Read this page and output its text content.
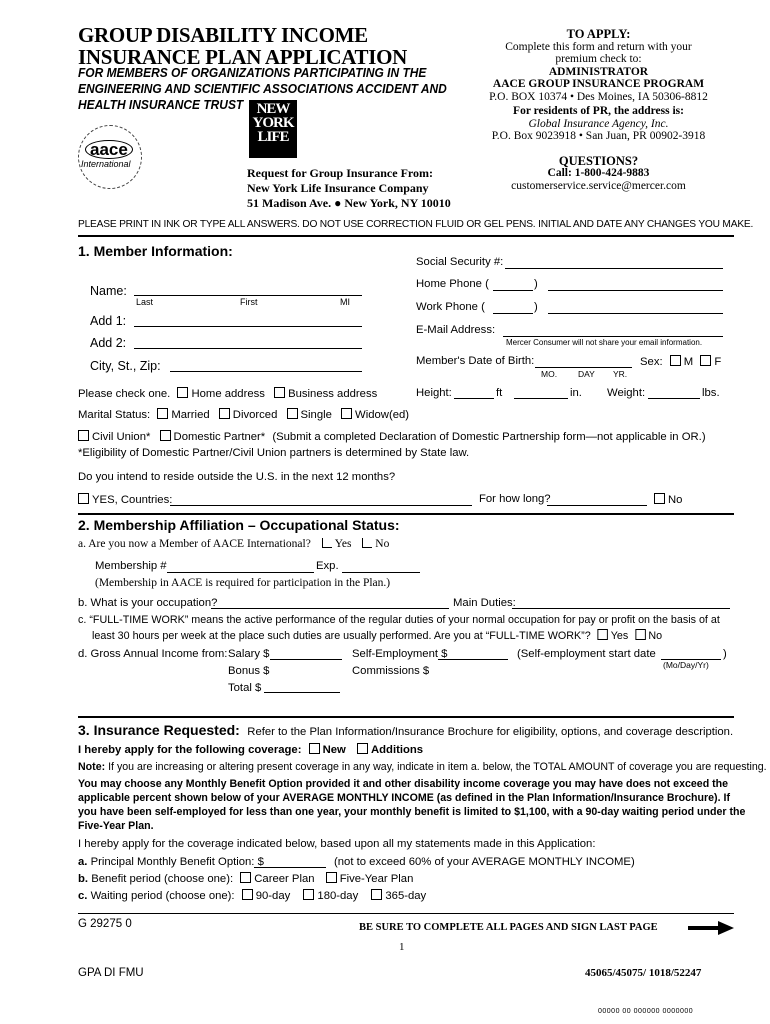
GROUP DISABILITY INCOME
INSURANCE PLAN APPLICATION
FOR MEMBERS OF ORGANIZATIONS PARTICIPATING IN THE
ENGINEERING AND SCIENTIFIC ASSOCIATIONS ACCIDENT AND
HEALTH INSURANCE TRUST NEW
YORK
LIFE
aace
International
Request for Group Insurance From:
New York Life Insurance Company
51 Madison Ave. ● New York, NY 10010
TO APPLY:
Complete this form and return with your
premium check to:
ADMINISTRATOR
AACE GROUP INSURANCE PROGRAM
P.O. BOX 10374 • Des Moines, IA 50306-8812
For residents of PR, the address is:
Global Insurance Agency, Inc.
P.O. Box 9023918 • San Juan, PR 00902-3918
QUESTIONS?
Call: 1-800-424-9883
customerservice.service@mercer.com
PLEASE PRINT IN INK OR TYPE ALL ANSWERS. DO NOT USE CORRECTION FLUID OR GEL PENS. INITIAL AND DATE ANY CHANGES YOU MAKE.
1. Member Information:
Social Security #:
Home Phone (	)
Name:
Last	First	MI	Work Phone (	)
Add 1:
E-Mail Address:
Mercer Consumer will not share your email information.
Add 2:
Member's Date of Birth:
MO. DAY YR.
Sex: M F
City, St., Zip:
Please check one. Home address Business address	Height:	ft	in. Weight:	lbs.
Marital Status: Married Divorced Single Widow(ed)
Civil Union* Domestic Partner* (Submit a completed Declaration of Domestic Partnership form—not applicable in OR.)
*Eligibility of Domestic Partner/Civil Union partners is determined by State law.
Do you intend to reside outside the U.S. in the next 12 months?
YES, Countries:	For how long?	No
2. Membership Affiliation – Occupational Status:
a. Are you now a Member of AACE International? Yes No
Membership #	Exp.
(Membership in AACE is required for participation in the Plan.)
b. What is your occupation?	Main Duties:
c. “FULL-TIME WORK” means the active performance of the regular duties of your normal occupation for pay or profit on the basis of at
least 30 hours per week at the place such duties are usually performed. Are you at “FULL-TIME WORK”? Yes No
d. Gross Annual Income from: Salary $	Self-Employment $	(Self-employment start date	)
(Mo/Day/Yr)
Bonus $	Commissions $
Total $
3. Insurance Requested: Refer to the Plan Information/Insurance Brochure for eligibility, options, and coverage description.
I hereby apply for the following coverage: New Additions
Note: If you are increasing or altering present coverage in any way, indicate in item a. below, the TOTAL AMOUNT of coverage you are requesting.
You may choose any Monthly Benefit Option provided it and other disability income coverage you may have does not exceed the
applicable percent shown below of your AVERAGE MONTHLY INCOME (as defined in the Plan Information/Insurance Brochure). If
you have been self-employed for less than one year, your monthly benefit is limited to $1,100, with a 90-day waiting period under the
Five-Year Plan.
I hereby apply for the coverage indicated below, based upon all my statements made in this Application:
a. Principal Monthly Benefit Option: $	(not to exceed 60% of your AVERAGE MONTHLY INCOME)
b. Benefit period (choose one): Career Plan Five-Year Plan
c. Waiting period (choose one): 90-day 180-day 365-day
G 29275 0	BE SURE TO COMPLETE ALL PAGES AND SIGN LAST PAGE
1
GPA DI FMU	45065/45075/ 1018/52247
00000 00 000000 0000000
